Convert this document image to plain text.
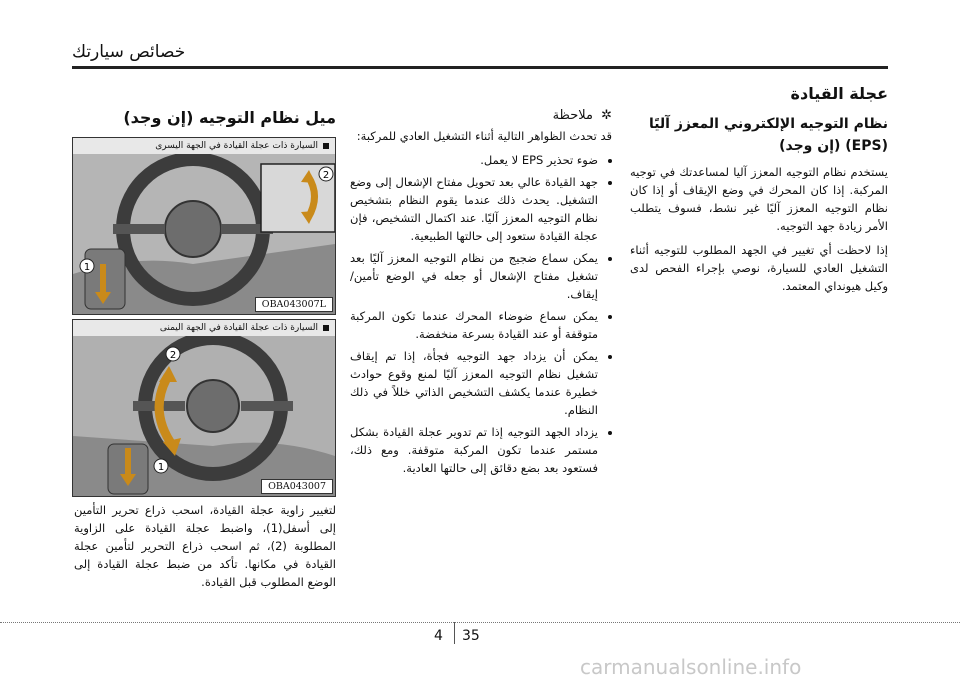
خصائص سيارتك
عجلة القيادة
نظام التوجيه الإلكتروني المعزز آليًا (EPS) (إن وجد)

يستخدم نظام التوجيه المعزز آليا لمساعدتك في توجيه المركبة. إذا كان المحرك في وضع الإيقاف أو إذا كان نظام التوجيه المعزز آليًا غير نشط، فسوف يتطلب الأمر زيادة جهد التوجيه.

إذا لاحظت أي تغيير في الجهد المطلوب للتوجيه أثناء التشغيل العادي للسيارة، نوصي بإجراء الفحص لدى وكيل هيونداي المعتمد.

✲ ملاحظة

قد تحدث الظواهر التالية أثناء التشغيل العادي للمركبة:

• ضوء تحذير EPS لا يعمل.
• جهد القيادة عالي بعد تحويل مفتاح الإشعال إلى وضع التشغيل. يحدث ذلك عندما يقوم النظام بتشخيص نظام التوجيه المعزز آليًا. عند اكتمال التشخيص، فإن عجلة القيادة ستعود إلى حالتها الطبيعية.
• يمكن سماع ضجيج من نظام التوجيه المعزز آليًا بعد تشغيل مفتاح الإشعال أو جعله في الوضع تأمين/إيقاف.
• يمكن سماع ضوضاء المحرك عندما تكون المركبة متوقفة أو عند القيادة بسرعة منخفضة.
• يمكن أن يزداد جهد التوجيه فجأة، إذا تم إيقاف تشغيل نظام التوجيه المعزز آليًا لمنع وقوع حوادث خطيرة عندما يكشف التشخيص الذاتي خللاً في ذلك النظام.
• يزداد الجهد التوجيه إذا تم تدوير عجلة القيادة بشكل مستمر عندما تكون المركبة متوقفة. ومع ذلك، فستعود بعد بضع دقائق إلى حالتها العادية.
ميل نظام التوجيه (إن وجد)
السيارة ذات عجلة القيادة في الجهة اليسرى
1
2
OBA043007L
السيارة ذات عجلة القيادة في الجهة اليمنى
1
2
OBA043007

لتغيير زاوية عجلة القيادة، اسحب ذراع تحرير التأمين إلى أسفل(1)، واضبط عجلة القيادة على الزاوية المطلوبة (2)، ثم اسحب ذراع التحرير لتأمين عجلة القيادة في مكانها. تأكد من ضبط عجلة القيادة إلى الوضع المطلوب قبل القيادة.

4 35
carmanualsonline.info
